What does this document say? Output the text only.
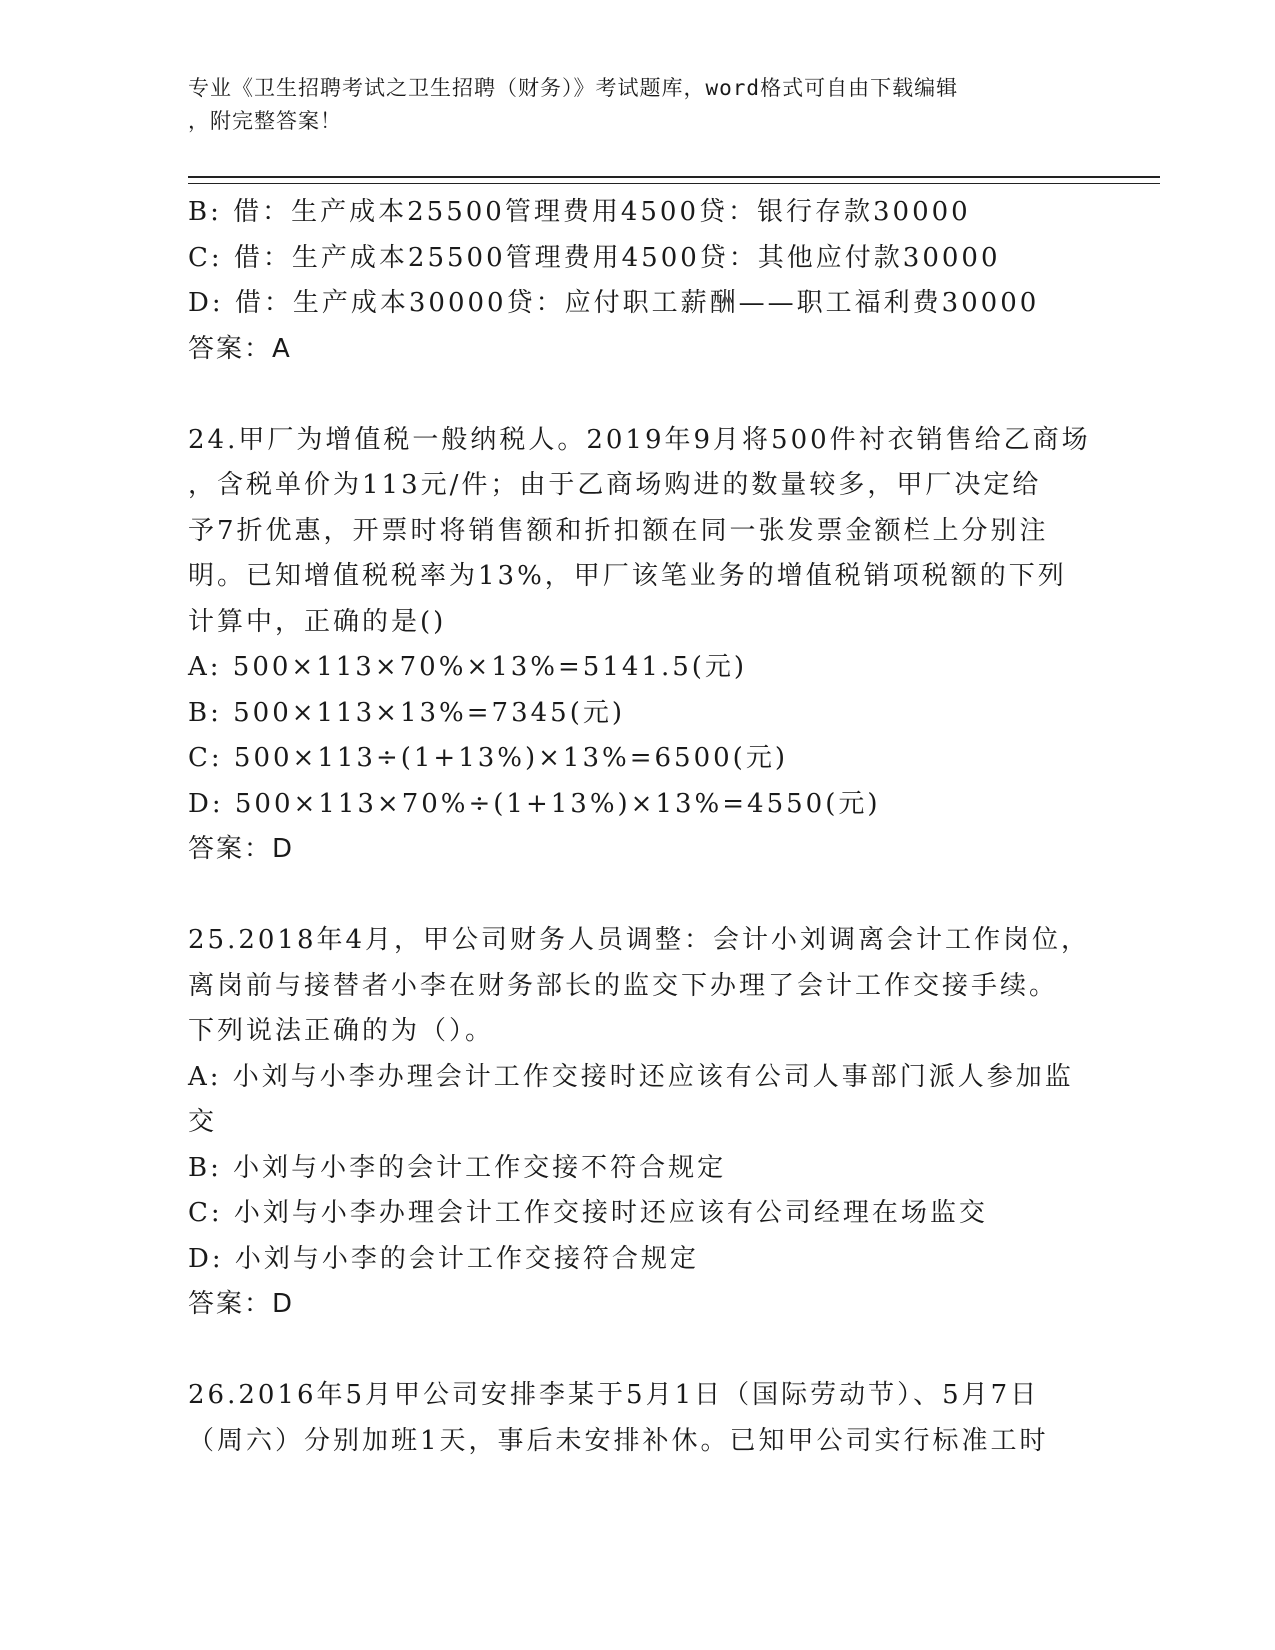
专业《卫生招聘考试之卫生招聘（财务）》考试题库，word格式可自由下载编辑
，附完整答案！
B: 借：生产成本25500管理费用4500贷：银行存款30000
C: 借：生产成本25500管理费用4500贷：其他应付款30000
D: 借：生产成本30000贷：应付职工薪酬——职工福利费30000
答案：A
24.甲厂为增值税一般纳税人。2019年9月将500件衬衣销售给乙商场
，含税单价为113元/件；由于乙商场购进的数量较多，甲厂决定给
予7折优惠，开票时将销售额和折扣额在同一张发票金额栏上分别注
明。已知增值税税率为13%，甲厂该笔业务的增值税销项税额的下列
计算中，正确的是()
A: 500×113×70%×13%=5141.5(元)
B: 500×113×13%=7345(元)
C: 500×113÷(1+13%)×13%=6500(元)
D: 500×113×70%÷(1+13%)×13%=4550(元)
答案：D
25.2018年4月，甲公司财务人员调整：会计小刘调离会计工作岗位，
离岗前与接替者小李在财务部长的监交下办理了会计工作交接手续。
下列说法正确的为（）。
A: 小刘与小李办理会计工作交接时还应该有公司人事部门派人参加监
交
B: 小刘与小李的会计工作交接不符合规定
C: 小刘与小李办理会计工作交接时还应该有公司经理在场监交
D: 小刘与小李的会计工作交接符合规定
答案：D
26.2016年5月甲公司安排李某于5月1日（国际劳动节）、5月7日
（周六）分别加班1天，事后未安排补休。已知甲公司实行标准工时
